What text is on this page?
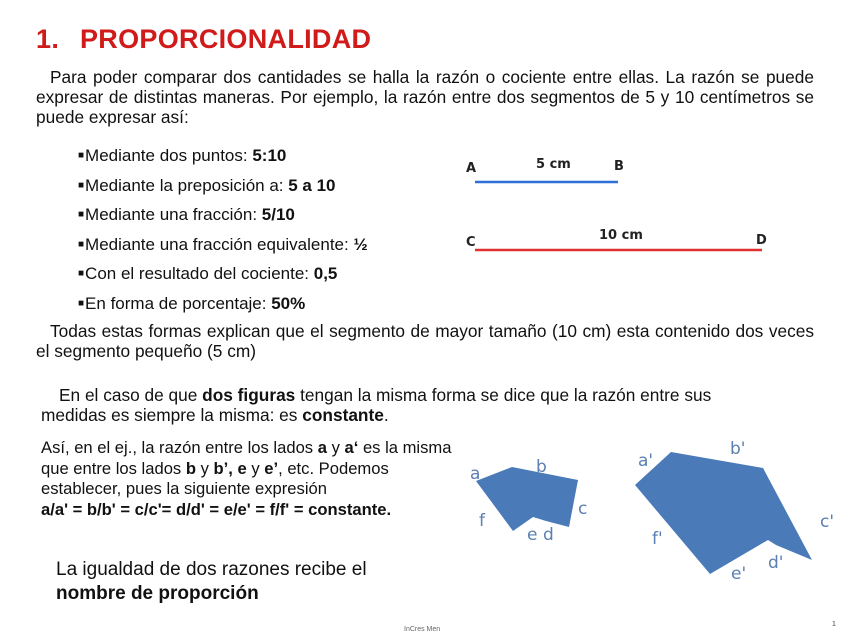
1. PROPORCIONALIDAD
Para poder comparar dos cantidades se halla la razón o cociente entre ellas. La razón se puede expresar de distintas maneras. Por ejemplo, la razón entre dos segmentos de 5 y 10 centímetros se puede expresar así:
■Mediante dos puntos: 5:10
■Mediante la preposición a: 5 a 10
■Mediante una fracción: 5/10
■Mediante una fracción equivalente: ½
■Con el resultado del cociente: 0,5
■En forma de porcentaje: 50%
A	5 cm	B
C	10 cm	D
a	b
c
e d
f
a'
b'
c'
d'
e'
f'
Todas estas formas explican que el segmento de mayor tamaño (10 cm) esta contenido dos veces el segmento pequeño (5 cm)
En el caso de que dos figuras tengan la misma forma se dice que la razón entre sus medidas es siempre la misma: es constante.
Así, en el ej., la razón entre los lados a y a‘ es la misma que entre los lados b y b’, e y e’, etc. Podemos establecer, pues la siguiente expresión
a/a' = b/b' = c/c'= d/d' = e/e' = f/f' = constante.
La igualdad de dos razones recibe el
nombre de proporción
InCres Men
1
